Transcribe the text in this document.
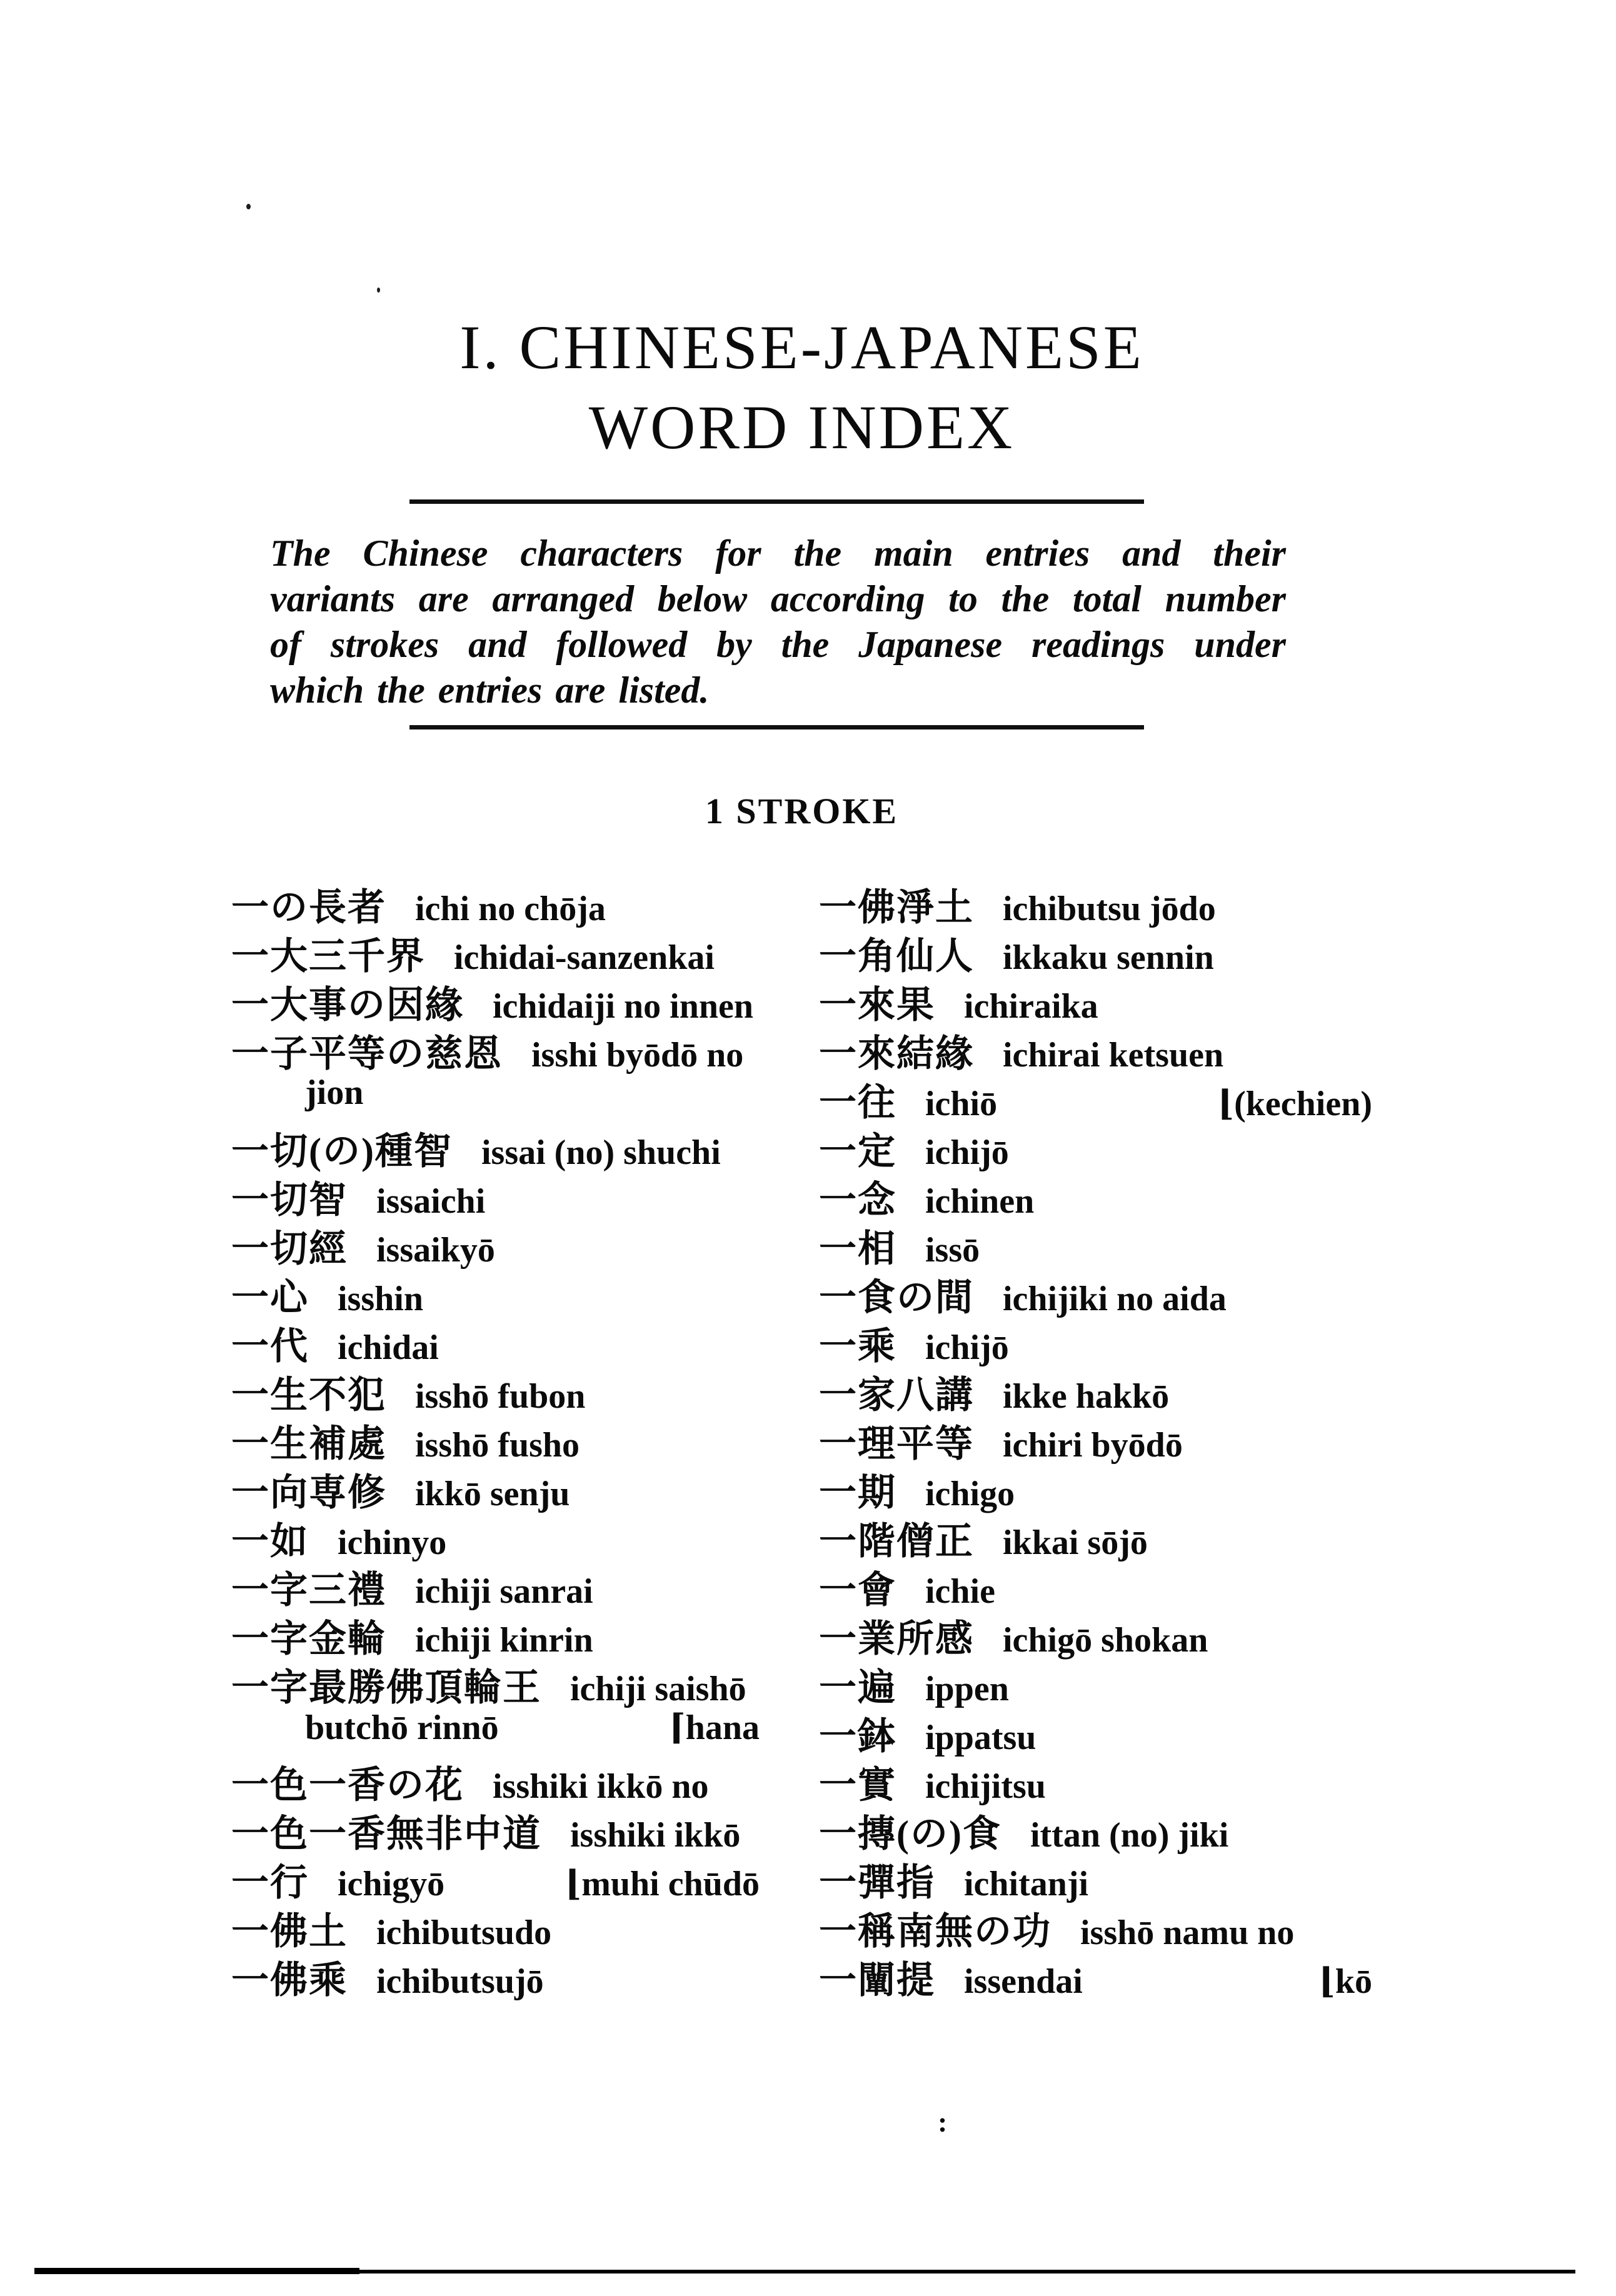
I. CHINESE-JAPANESE
WORD INDEX
The Chinese characters for the main entries and their
variants are arranged below according to the total number
of strokes and followed by the Japanese readings under
which the entries are listed.
1 STROKE
一の長者 ichi no chōja
一大三千界 ichidai-sanzenkai
一大事の因緣 ichidaiji no innen
一子平等の慈恩 isshi byōdō no
jion
一切(の)種智 issai (no) shuchi
一切智 issaichi
一切經 issaikyō
一心 isshin
一代 ichidai
一生不犯 isshō fubon
一生補處 isshō fusho
一向専修 ikkō senju
一如 ichinyo
一字三禮 ichiji sanrai
一字金輪 ichiji kinrin
一字最勝佛頂輪王 ichiji saishō
butchō rinnō	⌈hana
一色一香の花 isshiki ikkō no
一色一香無非中道 isshiki ikkō
一行 ichigyō	⌊muhi chūdō
一佛土 ichibutsudo
一佛乘 ichibutsujō
一佛淨土 ichibutsu jōdo
一角仙人 ikkaku sennin
一來果 ichiraika
一來結緣 ichirai ketsuen
一往 ichiō	⌊(kechien)
一定 ichijō
一念 ichinen
一相 issō
一食の間 ichijiki no aida
一乘 ichijō
一家八講 ikke hakkō
一理平等 ichiri byōdō
一期 ichigo
一階僧正 ikkai sōjō
一會 ichie
一業所感 ichigō shokan
一遍 ippen
一鉢 ippatsu
一實 ichijitsu
一摶(の)食 ittan (no) jiki
一彈指 ichitanji
一稱南無の功 isshō namu no
一闡提 issendai	⌊kō
:
